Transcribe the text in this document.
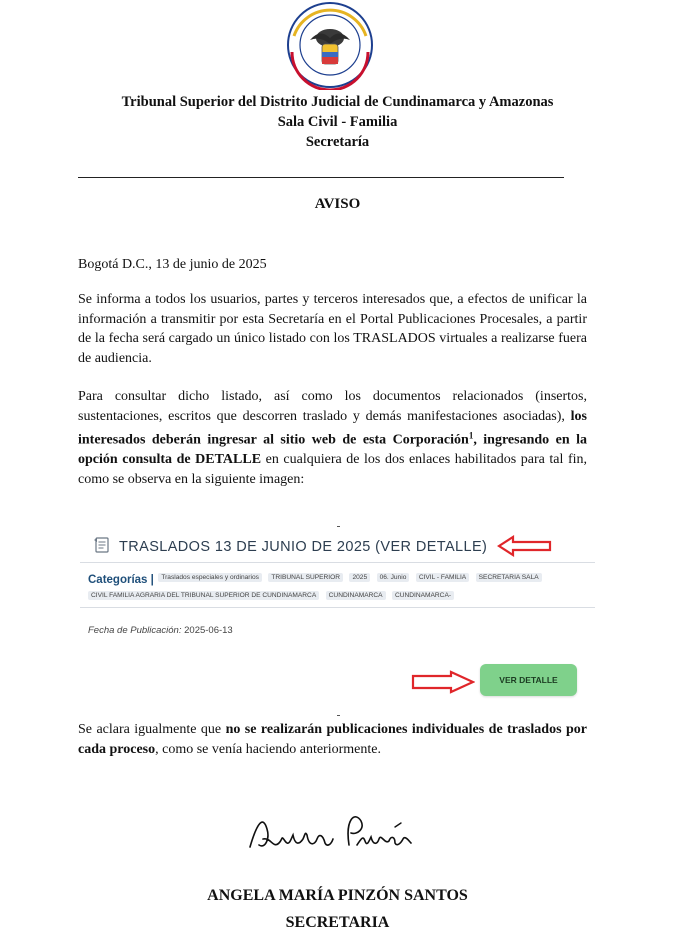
Tribunal Superior del Distrito Judicial de Cundinamarca y Amazonas
Sala Civil - Familia
Secretaría
AVISO
Bogotá D.C., 13 de junio de 2025
Se informa a todos los usuarios, partes y terceros interesados que, a efectos de unificar la información a transmitir por esta Secretaría en el Portal Publicaciones Procesales, a partir de la fecha será cargado un único listado con los TRASLADOS virtuales a realizarse fuera de audiencia.
Para consultar dicho listado, así como los documentos relacionados (insertos, sustentaciones, escritos que descorren traslado y demás manifestaciones asociadas), los interesados deberán ingresar al sitio web de esta Corporación$^1$, ingresando en la opción consulta de DETALLE en cualquiera de los dos enlaces habilitados para tal fin, como se observa en la siguiente imagen:
TRASLADOS 13 DE JUNIO DE 2025 (VER DETALLE)
Categorías | Traslados especiales y ordinarios TRIBUNAL SUPERIOR 2025 06. Junio CIVIL - FAMILIA SECRETARIA SALA CIVIL FAMILIA AGRARIA DEL TRIBUNAL SUPERIOR DE CUNDINAMARCA CUNDINAMARCA CUNDINAMARCA-
Fecha de Publicación: 2025-06-13
VER DETALLE
Se aclara igualmente que no se realizarán publicaciones individuales de traslados por cada proceso, como se venía haciendo anteriormente.
ANGELA MARÍA PINZÓN SANTOS
SECRETARIA
